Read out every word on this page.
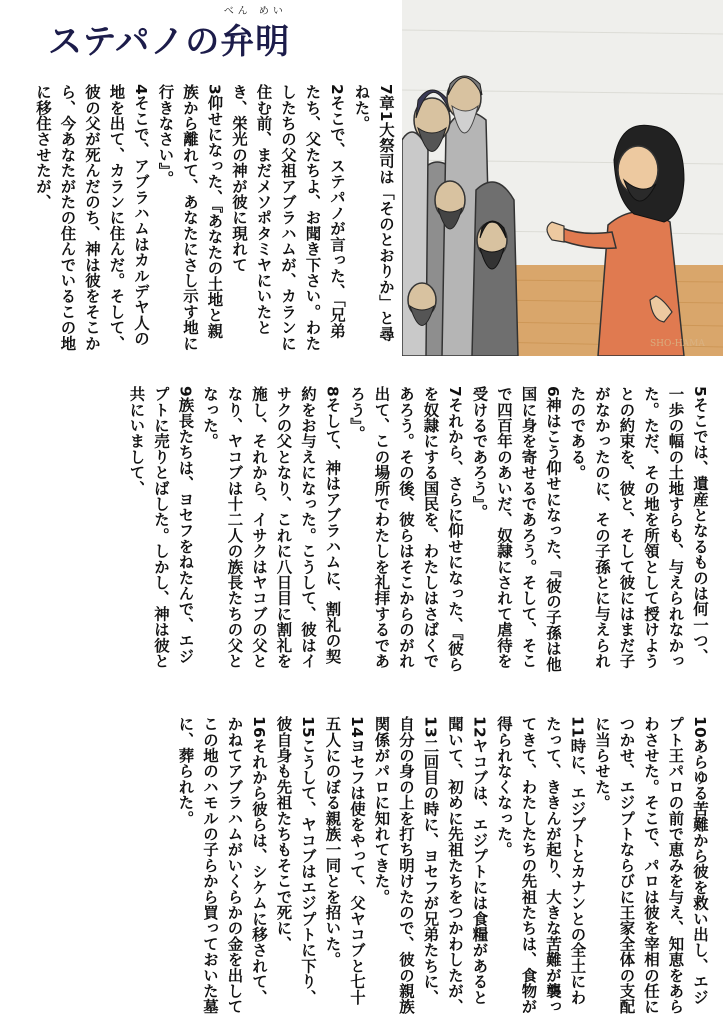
ステパノの
べん めい
弁明
SHO-HAMA

7章1大祭司は「そのとおりか」と尋ねた。

2そこで、ステパノが言った、「兄弟たち、父たちよ、お聞き下さい。わたしたちの父祖アブラハムが、カランに住む前、まだメソポタミヤにいたとき、栄光の神が彼に現れて

3仰せになった、『あなたの土地と親族から離れて、あなたにさし示す地に行きなさい』。

4そこで、アブラハムはカルデヤ人の地を出て、カランに住んだ。そして、彼の父が死んだのち、神は彼をそこから、今あなたがたの住んでいるこの地に移住させたが、

5そこでは、遺産となるものは何一つ、一歩の幅の土地すらも、与えられなかった。ただ、その地を所領として授けようとの約束を、彼と、そして彼にはまだ子がなかったのに、その子孫とに与えられたのである。

6神はこう仰せになった、『彼の子孫は他国に身を寄せるであろう。そして、そこで四百年のあいだ、奴隷にされて虐待を受けるであろう』。

7それから、さらに仰せになった、『彼らを奴隷にする国民を、わたしはさばくであろう。その後、彼らはそこからのがれ出て、この場所でわたしを礼拝するであろう』。

8そして、神はアブラハムに、割礼の契約をお与えになった。こうして、彼はイサクの父となり、これに八日目に割礼を施し、それから、イサクはヤコブの父となり、ヤコブは十二人の族長たちの父となった。

9族長たちは、ヨセフをねたんで、エジプトに売りとばした。しかし、神は彼と共にいまして、

10あらゆる苦難から彼を救い出し、エジプト王パロの前で恵みを与え、知恵をあらわさせた。そこで、パロは彼を宰相の任につかせ、エジプトならびに王家全体の支配に当らせた。

11時に、エジプトとカナンとの全土にわたって、ききんが起り、大きな苦難が襲ってきて、わたしたちの先祖たちは、食物が得られなくなった。

12ヤコブは、エジプトには食糧があると聞いて、初めに先祖たちをつかわしたが、

13二回目の時に、ヨセフが兄弟たちに、自分の身の上を打ち明けたので、彼の親族関係がパロに知れてきた。

14ヨセフは使をやって、父ヤコブと七十五人にのぼる親族一同とを招いた。

15こうして、ヤコブはエジプトに下り、彼自身も先祖たちもそこで死に、

16それから彼らは、シケムに移されて、かねてアブラハムがいくらかの金を出してこの地のハモルの子らから買っておいた墓に、葬られた。
